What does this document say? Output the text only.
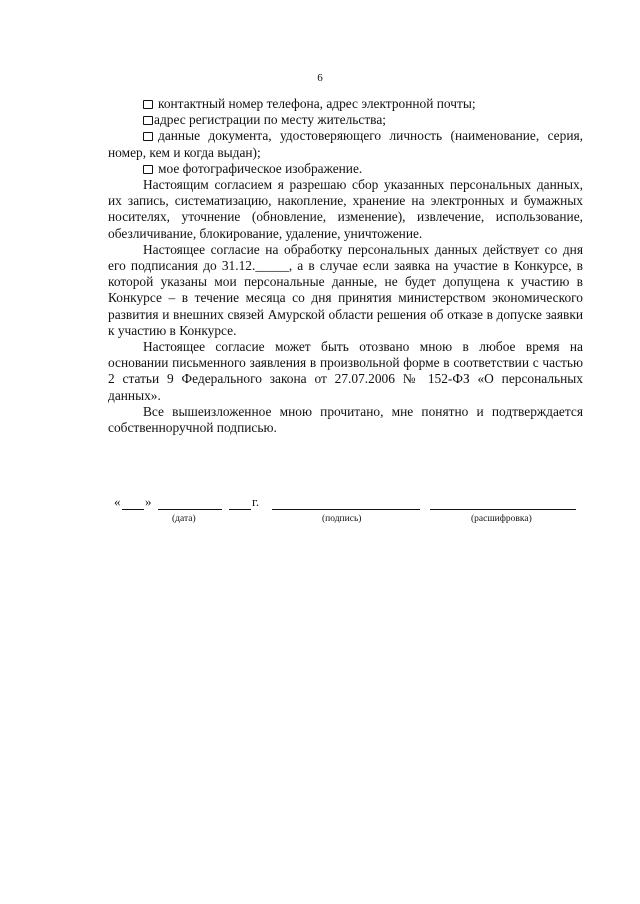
6

контактный номер телефона, адрес электронной почты;

адрес регистрации по месту жительства;

данные документа, удостоверяющего личность (наименование, серия, номер, кем и когда выдан);

мое фотографическое изображение.

Настоящим согласием я разрешаю сбор указанных персональных данных, их запись, систематизацию, накопление, хранение на электронных и бумажных носителях, уточнение (обновление, изменение), извлечение, использование, обезличивание, блокирование, удаление, уничтожение.

Настоящее согласие на обработку персональных данных действует со дня его подписания до 31.12._____, а в случае если заявка на участие в Конкурсе, в которой указаны мои персональные данные, не будет допущена к участию в Конкурсе – в течение месяца со дня принятия министерством экономического развития и внешних связей Амурской области решения об отказе в допуске заявки к участию в Конкурсе.

Настоящее согласие может быть отозвано мною в любое время на основании письменного заявления в произвольной форме в соответствии с частью 2 статьи 9 Федерального закона от 27.07.2006 № 152-ФЗ «О персональных данных».

Все вышеизложенное мною прочитано, мне понятно и подтверждается собственноручной подписью.

« »	г.
(дата)	(подпись)	(расшифровка)
